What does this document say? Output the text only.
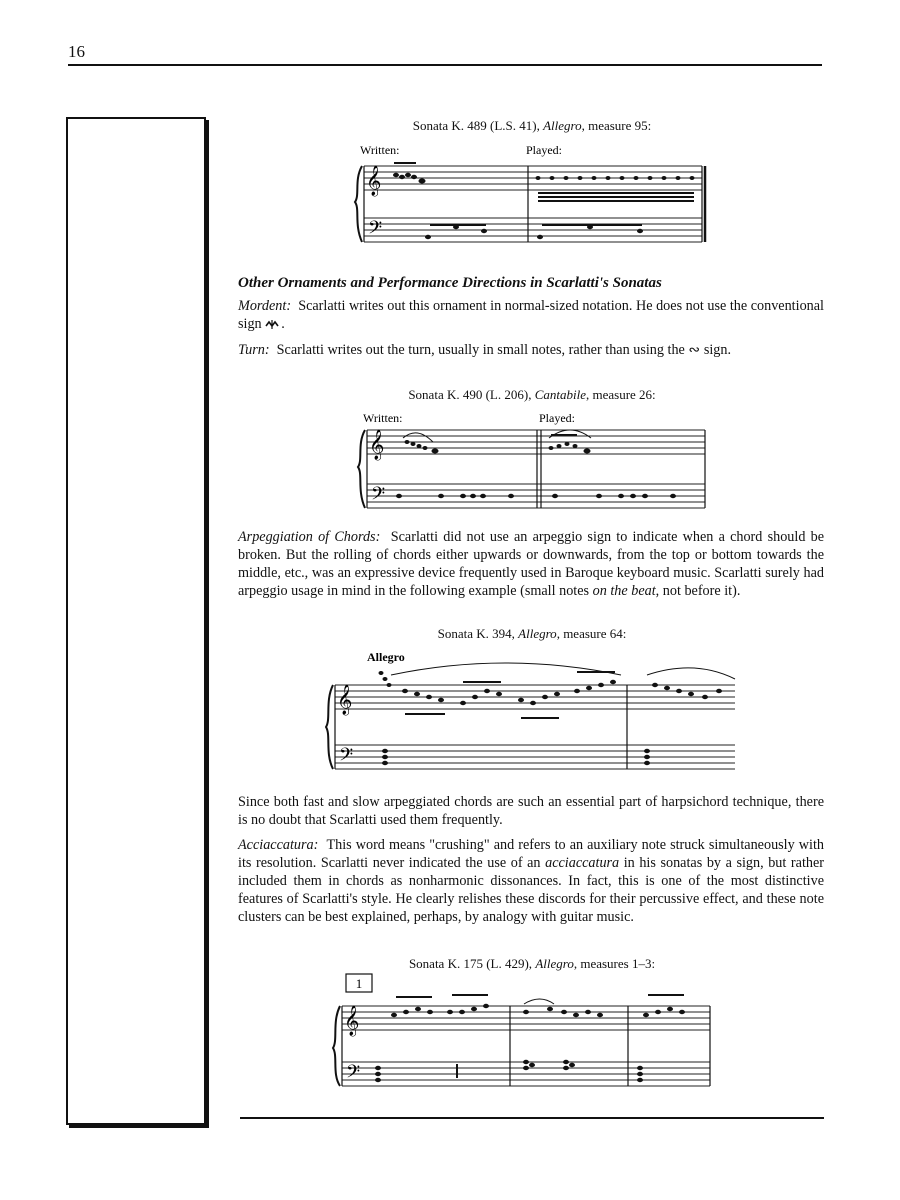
16
Sonata K. 489 (L.S. 41), Allegro, measure 95:
Written:	Played:
𝄞
𝄢
Other Ornaments and Performance Directions in Scarlatti's Sonatas
Mordent: Scarlatti writes out this ornament in normal-sized notation. He does not use the conventional sign .
Turn: Scarlatti writes out the turn, usually in small notes, rather than using the ∾ sign.
Sonata K. 490 (L. 206), Cantabile, measure 26:
Written:	Played:
𝄞
𝄢
Arpeggiation of Chords: Scarlatti did not use an arpeggio sign to indicate when a chord should be broken. But the rolling of chords either upwards or downwards, from the top or bottom towards the middle, etc., was an expressive device frequently used in Baroque keyboard music. Scarlatti surely had arpeggio usage in mind in the following example (small notes on the beat, not before it).
Sonata K. 394, Allegro, measure 64:
Allegro
𝄞
𝄢
Since both fast and slow arpeggiated chords are such an essential part of harpsichord technique, there is no doubt that Scarlatti used them frequently.
Acciaccatura: This word means "crushing" and refers to an auxiliary note struck simultaneously with its resolution. Scarlatti never indicated the use of an acciaccatura in his sonatas by a sign, but rather included them in chords as nonharmonic dissonances. In fact, this is one of the most distinctive features of Scarlatti's style. He clearly relishes these discords for their percussive effect, and these note clusters can be best explained, perhaps, by analogy with guitar music.
Sonata K. 175 (L. 429), Allegro, measures 1–3:
1
𝄞
𝄢
